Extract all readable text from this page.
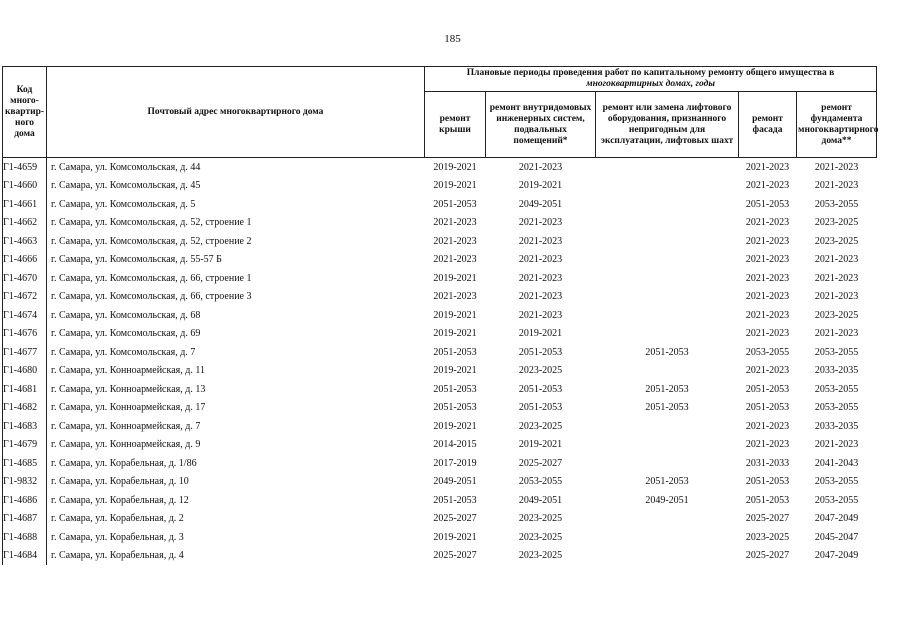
185
Код много-квартир-ного дома	Почтовый адрес многоквартирного дома	Плановые периоды проведения работ по капитальному ремонту общего имущества в
многоквартирных домах, годы				
		ремонт крыши	ремонт внутридомовых инженерных систем, подвальных помещений*	ремонт или замена лифтового оборудования, признанного непригодным для эксплуатации, лифтовых шахт	ремонт фасада	ремонт фундамента многоквартирного дома**
Г1-4659	г. Самара, ул. Комсомольская, д. 44	2019-2021	2021-2023		2021-2023	2021-2023
Г1-4660	г. Самара, ул. Комсомольская, д. 45	2019-2021	2019-2021		2021-2023	2021-2023
Г1-4661	г. Самара, ул. Комсомольская, д. 5	2051-2053	2049-2051		2051-2053	2053-2055
Г1-4662	г. Самара, ул. Комсомольская, д. 52, строение 1	2021-2023	2021-2023		2021-2023	2023-2025
Г1-4663	г. Самара, ул. Комсомольская, д. 52, строение 2	2021-2023	2021-2023		2021-2023	2023-2025
Г1-4666	г. Самара, ул. Комсомольская, д. 55-57 Б	2021-2023	2021-2023		2021-2023	2021-2023
Г1-4670	г. Самара, ул. Комсомольская, д. 66, строение 1	2019-2021	2021-2023		2021-2023	2021-2023
Г1-4672	г. Самара, ул. Комсомольская, д. 66, строение 3	2021-2023	2021-2023		2021-2023	2021-2023
Г1-4674	г. Самара, ул. Комсомольская, д. 68	2019-2021	2021-2023		2021-2023	2023-2025
Г1-4676	г. Самара, ул. Комсомольская, д. 69	2019-2021	2019-2021		2021-2023	2021-2023
Г1-4677	г. Самара, ул. Комсомольская, д. 7	2051-2053	2051-2053	2051-2053	2053-2055	2053-2055
Г1-4680	г. Самара, ул. Конноармейская, д. 11	2019-2021	2023-2025		2021-2023	2033-2035
Г1-4681	г. Самара, ул. Конноармейская, д. 13	2051-2053	2051-2053	2051-2053	2051-2053	2053-2055
Г1-4682	г. Самара, ул. Конноармейская, д. 17	2051-2053	2051-2053	2051-2053	2051-2053	2053-2055
Г1-4683	г. Самара, ул. Конноармейская, д. 7	2019-2021	2023-2025		2021-2023	2033-2035
Г1-4679	г. Самара, ул. Конноармейская, д. 9	2014-2015	2019-2021		2021-2023	2021-2023
Г1-4685	г. Самара, ул. Корабельная, д. 1/86	2017-2019	2025-2027		2031-2033	2041-2043
Г1-9832	г. Самара, ул. Корабельная, д. 10	2049-2051	2053-2055	2051-2053	2051-2053	2053-2055
Г1-4686	г. Самара, ул. Корабельная, д. 12	2051-2053	2049-2051	2049-2051	2051-2053	2053-2055
Г1-4687	г. Самара, ул. Корабельная, д. 2	2025-2027	2023-2025		2025-2027	2047-2049
Г1-4688	г. Самара, ул. Корабельная, д. 3	2019-2021	2023-2025		2023-2025	2045-2047
Г1-4684	г. Самара, ул. Корабельная, д. 4	2025-2027	2023-2025		2025-2027	2047-2049
